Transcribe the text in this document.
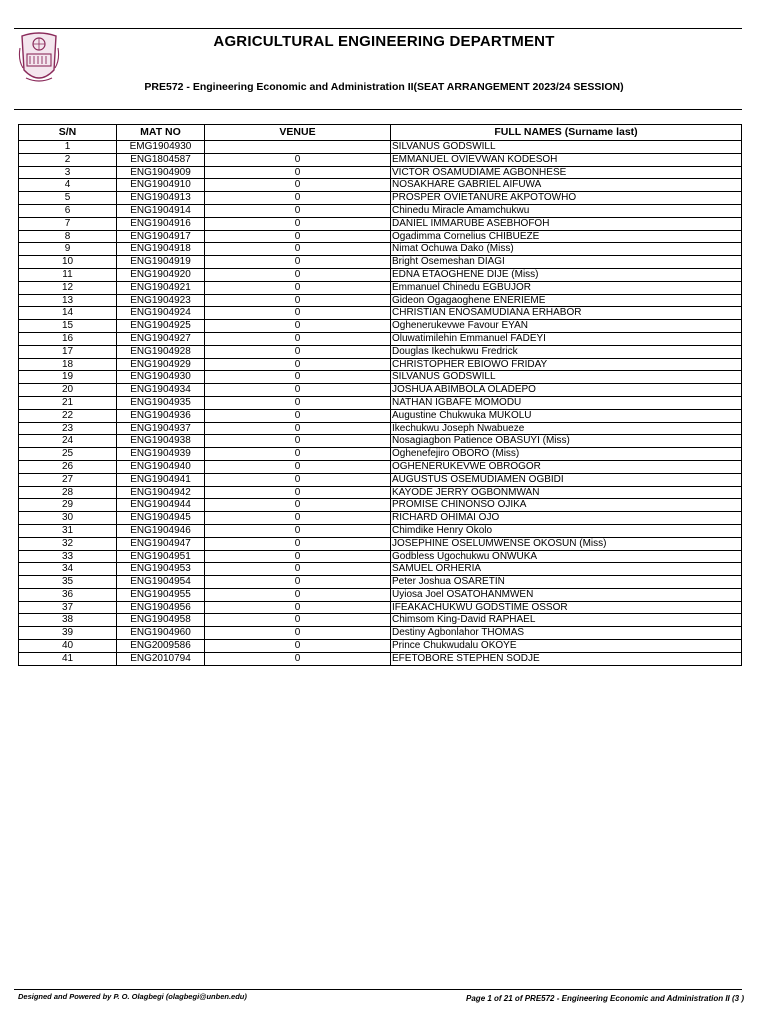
AGRICULTURAL ENGINEERING DEPARTMENT
PRE572 - Engineering Economic and Administration II(SEAT ARRANGEMENT 2023/24 SESSION)
S/N	MAT NO	VENUE	FULL NAMES (Surname last)
1	EMG1904930		SILVANUS GODSWILL
2	ENG1804587	0	EMMANUEL OVIEVWAN KODESOH
3	ENG1904909	0	VICTOR OSAMUDIAME AGBONHESE
4	ENG1904910	0	NOSAKHARE GABRIEL AIFUWA
5	ENG1904913	0	PROSPER OVIETANURE AKPOTOWHO
6	ENG1904914	0	Chinedu Miracle Amamchukwu
7	ENG1904916	0	DANIEL IMMARUBE ASEBHOFOH
8	ENG1904917	0	Ogadimma Cornelius CHIBUEZE
9	ENG1904918	0	Nimat Ochuwa Dako (Miss)
10	ENG1904919	0	Bright Osemeshan DIAGI
11	ENG1904920	0	EDNA ETAOGHENE DIJE (Miss)
12	ENG1904921	0	Emmanuel Chinedu EGBUJOR
13	ENG1904923	0	Gideon Ogagaoghene ENERIEME
14	ENG1904924	0	CHRISTIAN ENOSAMUDIANA ERHABOR
15	ENG1904925	0	Oghenerukevwe Favour EYAN
16	ENG1904927	0	Oluwatimilehin Emmanuel FADEYI
17	ENG1904928	0	Douglas Ikechukwu Fredrick
18	ENG1904929	0	CHRISTOPHER EBIOWO FRIDAY
19	ENG1904930	0	SILVANUS GODSWILL
20	ENG1904934	0	JOSHUA ABIMBOLA OLADEPO
21	ENG1904935	0	NATHAN IGBAFE MOMODU
22	ENG1904936	0	Augustine Chukwuka MUKOLU
23	ENG1904937	0	Ikechukwu Joseph Nwabueze
24	ENG1904938	0	Nosagiagbon Patience OBASUYI (Miss)
25	ENG1904939	0	Oghenefejiro OBORO (Miss)
26	ENG1904940	0	OGHENERUKEVWE OBROGOR
27	ENG1904941	0	AUGUSTUS OSEMUDIAMEN OGBIDI
28	ENG1904942	0	KAYODE JERRY OGBONMWAN
29	ENG1904944	0	PROMISE CHINONSO OJIKA
30	ENG1904945	0	RICHARD OHIMAI OJO
31	ENG1904946	0	Chimdike Henry Okolo
32	ENG1904947	0	JOSEPHINE OSELUMWENSE OKOSUN (Miss)
33	ENG1904951	0	Godbless Ugochukwu ONWUKA
34	ENG1904953	0	SAMUEL ORHERIA
35	ENG1904954	0	Peter Joshua OSARETIN
36	ENG1904955	0	Uyiosa Joel OSATOHANMWEN
37	ENG1904956	0	IFEAKACHUKWU GODSTIME OSSOR
38	ENG1904958	0	Chimsom King-David RAPHAEL
39	ENG1904960	0	Destiny Agbonlahor THOMAS
40	ENG2009586	0	Prince Chukwudalu OKOYE
41	ENG2010794	0	EFETOBORE STEPHEN SODJE
Designed and Powered by P. O. Olagbegi (olagbegi@unben.edu)	Page 1 of 21 of PRE572 - Engineering Economic and Administration II (3 )
